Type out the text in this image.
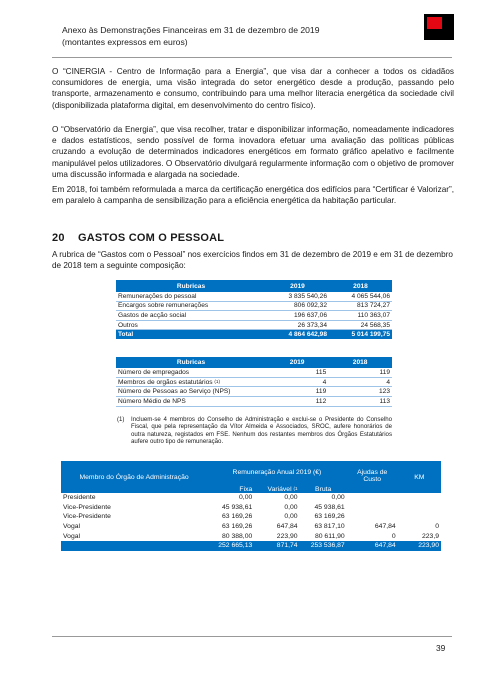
Anexo às Demonstrações Financeiras em 31 de dezembro de 2019
(montantes expressos em euros)
O “CINERGIA - Centro de Informação para a Energia”, que visa dar a conhecer a todos os cidadãos consumidores de energia, uma visão integrada do setor energético desde a produção, passando pelo transporte, armazenamento e consumo, contribuindo para uma melhor literacia energética da sociedade civil (disponibilizada plataforma digital, em desenvolvimento do centro físico).
O “Observatório da Energia”, que visa recolher, tratar e disponibilizar informação, nomeadamente indicadores e dados estatísticos, sendo possível de forma inovadora efetuar uma avaliação das políticas públicas cruzando a evolução de determinados indicadores energéticos em formato gráfico apelativo e facilmente manipulável pelos utilizadores. O Observatório divulgará regularmente informação com o objetivo de promover uma discussão informada e alargada na sociedade.
Em 2018, foi também reformulada a marca da certificação energética dos edifícios para “Certificar é Valorizar”, em paralelo à campanha de sensibilização para a eficiência energética da habitação particular.
20 GASTOS COM O PESSOAL
A rubrica de “Gastos com o Pessoal” nos exercícios findos em 31 de dezembro de 2019 e em 31 de dezembro de 2018 tem a seguinte composição:
Rubricas	2019	2018
Remunerações do pessoal	3 835 540,26	4 065 544,06
Encargos sobre remunerações	806 092,32	813 724,27
Gastos de acção social	196 637,06	110 363,07
Outros	26 373,34	24 568,35
Total	4 864 642,98	5 014 199,75
Rubricas	2019	2018
Número de empregados	115	119
Membros de orgãos estatutários $^{(1)}$	4	4
Número de Pessoas ao Serviço (NPS)	119	123
Número Médio de NPS	112	113
(1) Incluem-se 4 membros do Conselho de Administração e exclui-se o Presidente do Conselho Fiscal, que pela representação da Vítor Almeida e Associados, SROC, aufere honorários de outra natureza, registados em FSE. Nenhum dos restantes membros dos Órgãos Estatutários aufere outro tipo de remuneração.
Membro do Órgão de Administração	Remuneração Anual 2019 (€)			Ajudas de Custo	KM
	Fixa	Variável $^{(1}$	Bruta		
Presidente	0,00	0,00	0,00		
Vice-Presidente	45 938,61	0,00	45 938,61		
Vice-Presidente	63 169,26	0,00	63 169,26		
Vogal	63 169,26	647,84	63 817,10	647,84	0
Vogal	80 388,00	223,90	80 611,90	0	223,9
	252 665,13	871,74	253 536,87	647,84	223,90
39
